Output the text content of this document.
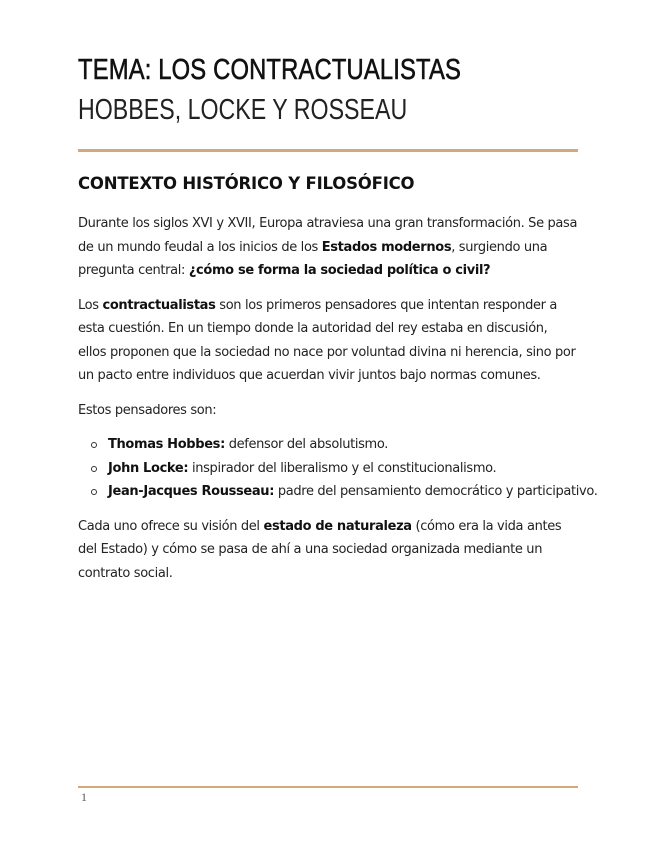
TEMA: LOS CONTRACTUALISTAS
HOBBES, LOCKE Y ROSSEAU
CONTEXTO HISTÓRICO Y FILOSÓFICO

Durante los siglos XVI y XVII, Europa atraviesa una gran transformación. Se pasa de un mundo feudal a los inicios de los Estados modernos, surgiendo una pregunta central: ¿cómo se forma la sociedad política o civil?

Los contractualistas son los primeros pensadores que intentan responder a esta cuestión. En un tiempo donde la autoridad del rey estaba en discusión, ellos proponen que la sociedad no nace por voluntad divina ni herencia, sino por un pacto entre individuos que acuerdan vivir juntos bajo normas comunes.

Estos pensadores son:

Thomas Hobbes: defensor del absolutismo.
John Locke: inspirador del liberalismo y el constitucionalismo.
Jean-Jacques Rousseau: padre del pensamiento democrático y participativo.

Cada uno ofrece su visión del estado de naturaleza (cómo era la vida antes del Estado) y cómo se pasa de ahí a una sociedad organizada mediante un contrato social.

1
